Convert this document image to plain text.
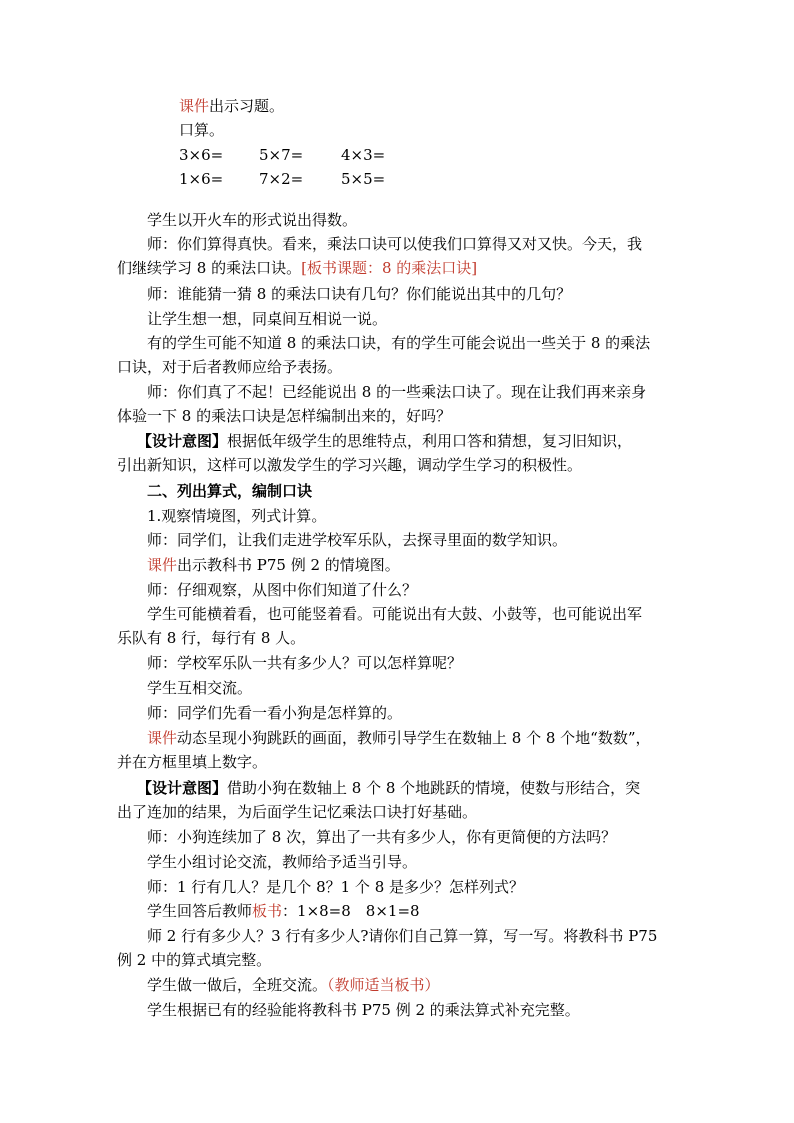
课件出示习题。
口算。
3×6= 5×7=	4×3=
1×6= 7×2=	5×5=
学生以开火车的形式说出得数。
师：你们算得真快。看来，乘法口诀可以使我们口算得又对又快。今天，我
们继续学习 8 的乘法口诀。[板书课题：8 的乘法口诀]
师：谁能猜一猜 8 的乘法口诀有几句？你们能说出其中的几句？
让学生想一想，同桌间互相说一说。
有的学生可能不知道 8 的乘法口诀，有的学生可能会说出一些关于 8 的乘法
口诀，对于后者教师应给予表扬。
师：你们真了不起！已经能说出 8 的一些乘法口诀了。现在让我们再来亲身
体验一下 8 的乘法口诀是怎样编制出来的，好吗？
【设计意图】根据低年级学生的思维特点，利用口答和猜想，复习旧知识，
引出新知识，这样可以激发学生的学习兴趣，调动学生学习的积极性。
二、列出算式，编制口诀
1.观察情境图，列式计算。
师：同学们，让我们走进学校军乐队，去探寻里面的数学知识。
课件出示教科书 P75 例 2 的情境图。
师：仔细观察，从图中你们知道了什么？
学生可能横着看，也可能竖着看。可能说出有大鼓、小鼓等，也可能说出军
乐队有 8 行，每行有 8 人。
师：学校军乐队一共有多少人？可以怎样算呢？
学生互相交流。
师：同学们先看一看小狗是怎样算的。
课件动态呈现小狗跳跃的画面，教师引导学生在数轴上 8 个 8 个地“数数”，
并在方框里填上数字。
【设计意图】借助小狗在数轴上 8 个 8 个地跳跃的情境，使数与形结合，突
出了连加的结果，为后面学生记忆乘法口诀打好基础。
师：小狗连续加了 8 次，算出了一共有多少人，你有更简便的方法吗？
学生小组讨论交流，教师给予适当引导。
师：1 行有几人？是几个 8？1 个 8 是多少？怎样列式？
学生回答后教师板书：1×8=8　8×1=8
师 2 行有多少人？3 行有多少人?请你们自己算一算，写一写。将教科书 P75
例 2 中的算式填完整。
学生做一做后，全班交流。（教师适当板书）
学生根据已有的经验能将教科书 P75 例 2 的乘法算式补充完整。
